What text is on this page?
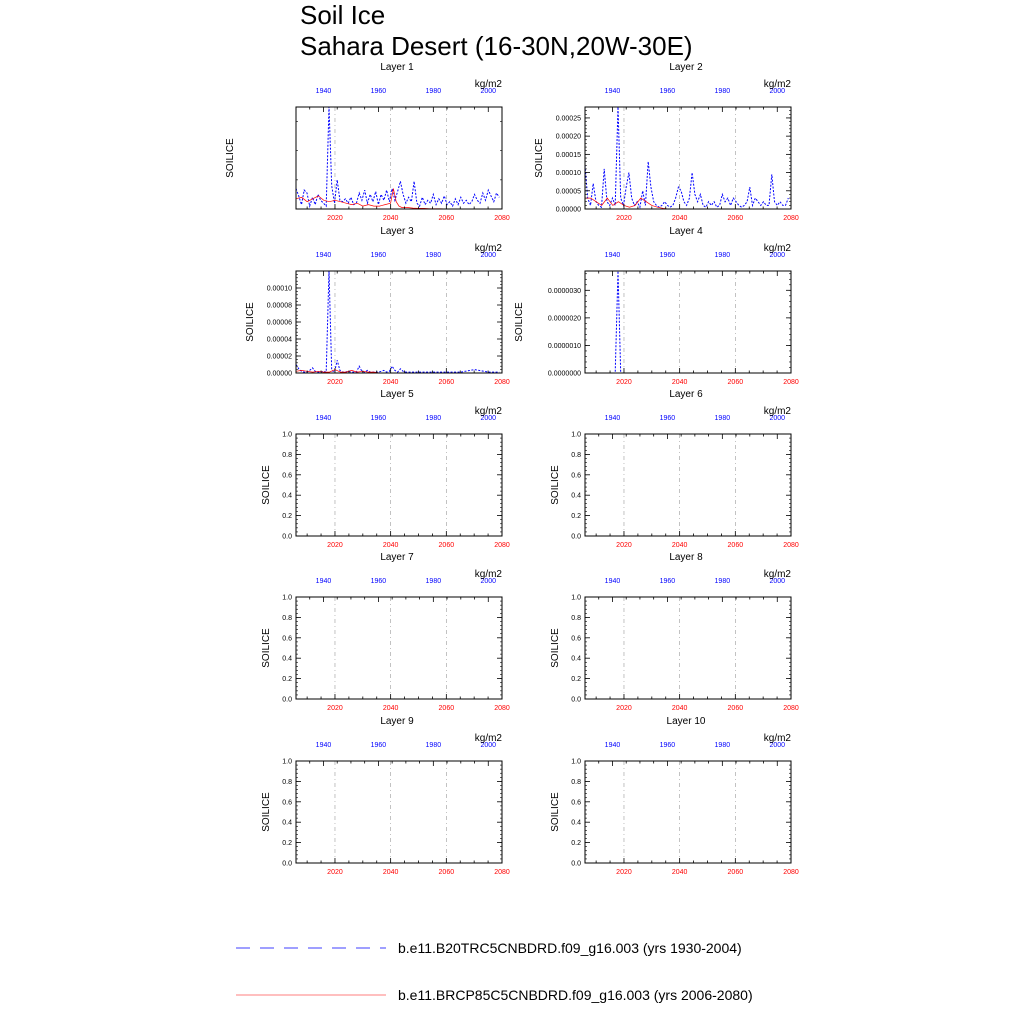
Soil Ice
Sahara Desert (16-30N,20W-30E)
2020	2040	2060	2080
1940	1960	1980	2000
Layer 1
kg/m2
SOILICE
0.00000
0.00005
0.00010
0.00015
0.00020
0.00025
2020	2040	2060	2080
1940	1960	1980	2000
Layer 2
kg/m2
SOILICE
0.00000
0.00002
0.00004
0.00006
0.00008
0.00010
2020	2040	2060	2080
1940	1960	1980	2000
Layer 3
kg/m2
SOILICE
0.0000000
0.0000010
0.0000020
0.0000030
2020	2040	2060	2080
1940	1960	1980	2000
Layer 4
kg/m2
SOILICE
0.0
0.2
0.4
0.6
0.8
1.0
2020	2040	2060	2080
1940	1960	1980	2000
Layer 5
kg/m2
SOILICE
0.0
0.2
0.4
0.6
0.8
1.0
2020	2040	2060	2080
1940	1960	1980	2000
Layer 6
kg/m2
SOILICE
0.0
0.2
0.4
0.6
0.8
1.0
2020	2040	2060	2080
1940	1960	1980	2000
Layer 7
kg/m2
SOILICE
0.0
0.2
0.4
0.6
0.8
1.0
2020	2040	2060	2080
1940	1960	1980	2000
Layer 8
kg/m2
SOILICE
0.0
0.2
0.4
0.6
0.8
1.0
2020	2040	2060	2080
1940	1960	1980	2000
Layer 9
kg/m2
SOILICE
0.0
0.2
0.4
0.6
0.8
1.0
2020	2040	2060	2080
1940	1960	1980	2000
Layer 10
kg/m2
SOILICE
b.e11.B20TRC5CNBDRD.f09_g16.003 (yrs 1930-2004)
b.e11.BRCP85C5CNBDRD.f09_g16.003 (yrs 2006-2080)
